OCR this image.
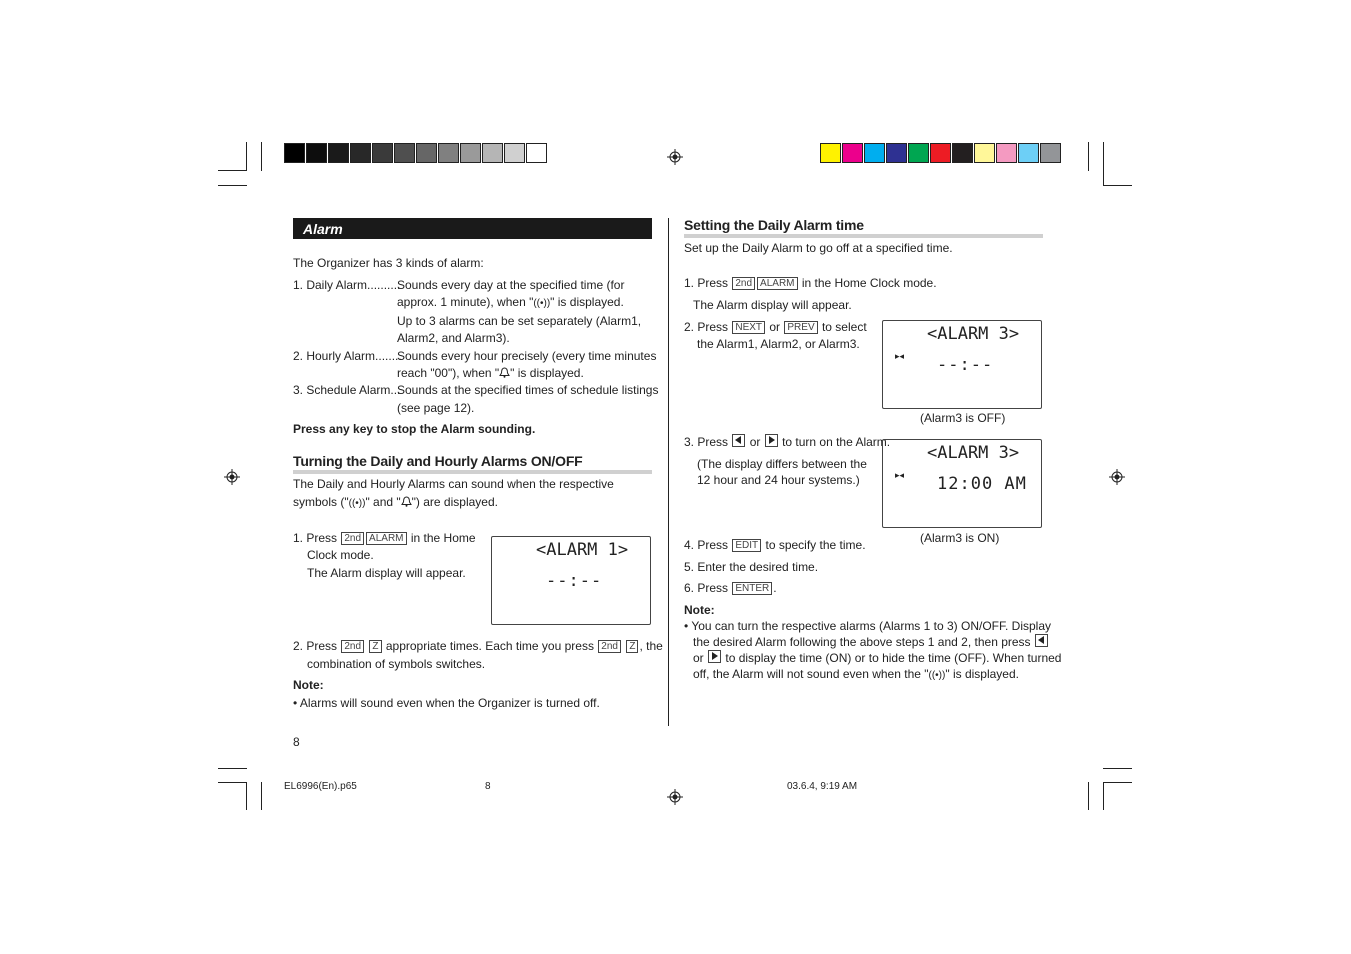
Alarm
The Organizer has 3 kinds of alarm:
1. Daily Alarm..........
Sounds every day at the specified time (for
approx. 1 minute), when "((•))" is displayed.
Up to 3 alarms can be set separately (Alarm1,
Alarm2, and Alarm3).
2. Hourly Alarm........
Sounds every hour precisely (every time minutes
reach "00"), when " " is displayed.
3. Schedule Alarm...
Sounds at the specified times of schedule listings
(see page 12).
Press any key to stop the Alarm sounding.
Turning the Daily and Hourly Alarms ON/OFF
The Daily and Hourly Alarms can sound when the respective
symbols ("((•))" and " ") are displayed.
1. Press 2nd ALARM in the Home
Clock mode.
The Alarm display will appear.
<ALARM 1>
--:--
2. Press 2nd Z appropriate times. Each time you press 2nd Z , the
combination of symbols switches.
Note:
• Alarms will sound even when the Organizer is turned off.
8
Setting the Daily Alarm time
Set up the Daily Alarm to go off at a specified time.
1. Press 2nd ALARM in the Home Clock mode.
The Alarm display will appear.
2. Press NEXT or PREV to select
the Alarm1, Alarm2, or Alarm3.	<ALARM 3>
▸◂ --:--
(Alarm3 is OFF)
3. Press or to turn on the Alarm.
(The display differs between the
12 hour and 24 hour systems.)
<ALARM 3>
▸◂ 12:00 AM
(Alarm3 is ON)
4. Press EDIT to specify the time.
5. Enter the desired time.
6. Press ENTER .
Note:
• You can turn the respective alarms (Alarms 1 to 3) ON/OFF. Display
the desired Alarm following the above steps 1 and 2, then press
or to display the time (ON) or to hide the time (OFF). When turned
off, the Alarm will not sound even when the "((•))" is displayed.
EL6996(En).p65	8	03.6.4, 9:19 AM
